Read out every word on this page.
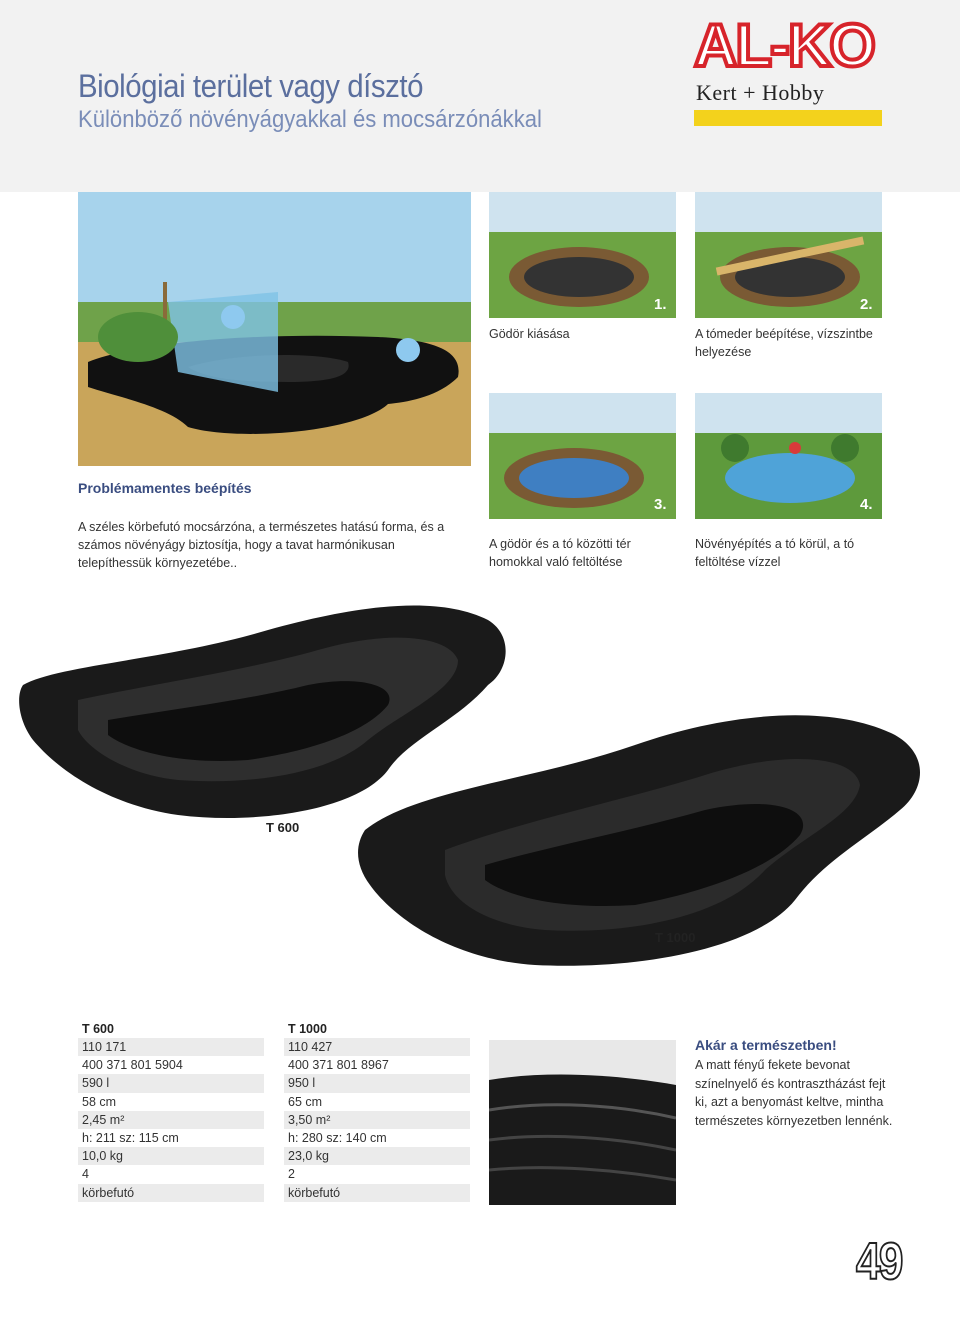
Biológiai terület vagy dísztó
Különböző növényágyakkal és mocsárzónákkal
AL-KO
Kert + Hobby
1.
Gödör kiásása
2.
A tómeder beépítése, vízszintbe helyezése
3.
A gödör és a tó közötti tér homokkal való feltöltése
4.
Növényépítés a tó körül, a tó feltöltése vízzel
Problémamentes beépítés
A széles körbefutó mocsárzóna, a természetes hatású forma, és a számos növényágy biztosítja, hogy a tavat harmónikusan telepíthessük környezetébe..
T 600
T 1000
T 600
110 171
400 371 801 5904
590 l
58 cm
2,45 m²
h: 211 sz: 115 cm
10,0 kg
4
körbefutó
T 1000
110 427
400 371 801 8967
950 l
65 cm
3,50 m²
h: 280 sz: 140 cm
23,0 kg
2
körbefutó
Akár a természetben!
A matt fényű fekete bevonat színelnyelő és kontrasztházást fejt ki, azt a benyomást keltve, mintha természetes környezetben lennénk.
49
